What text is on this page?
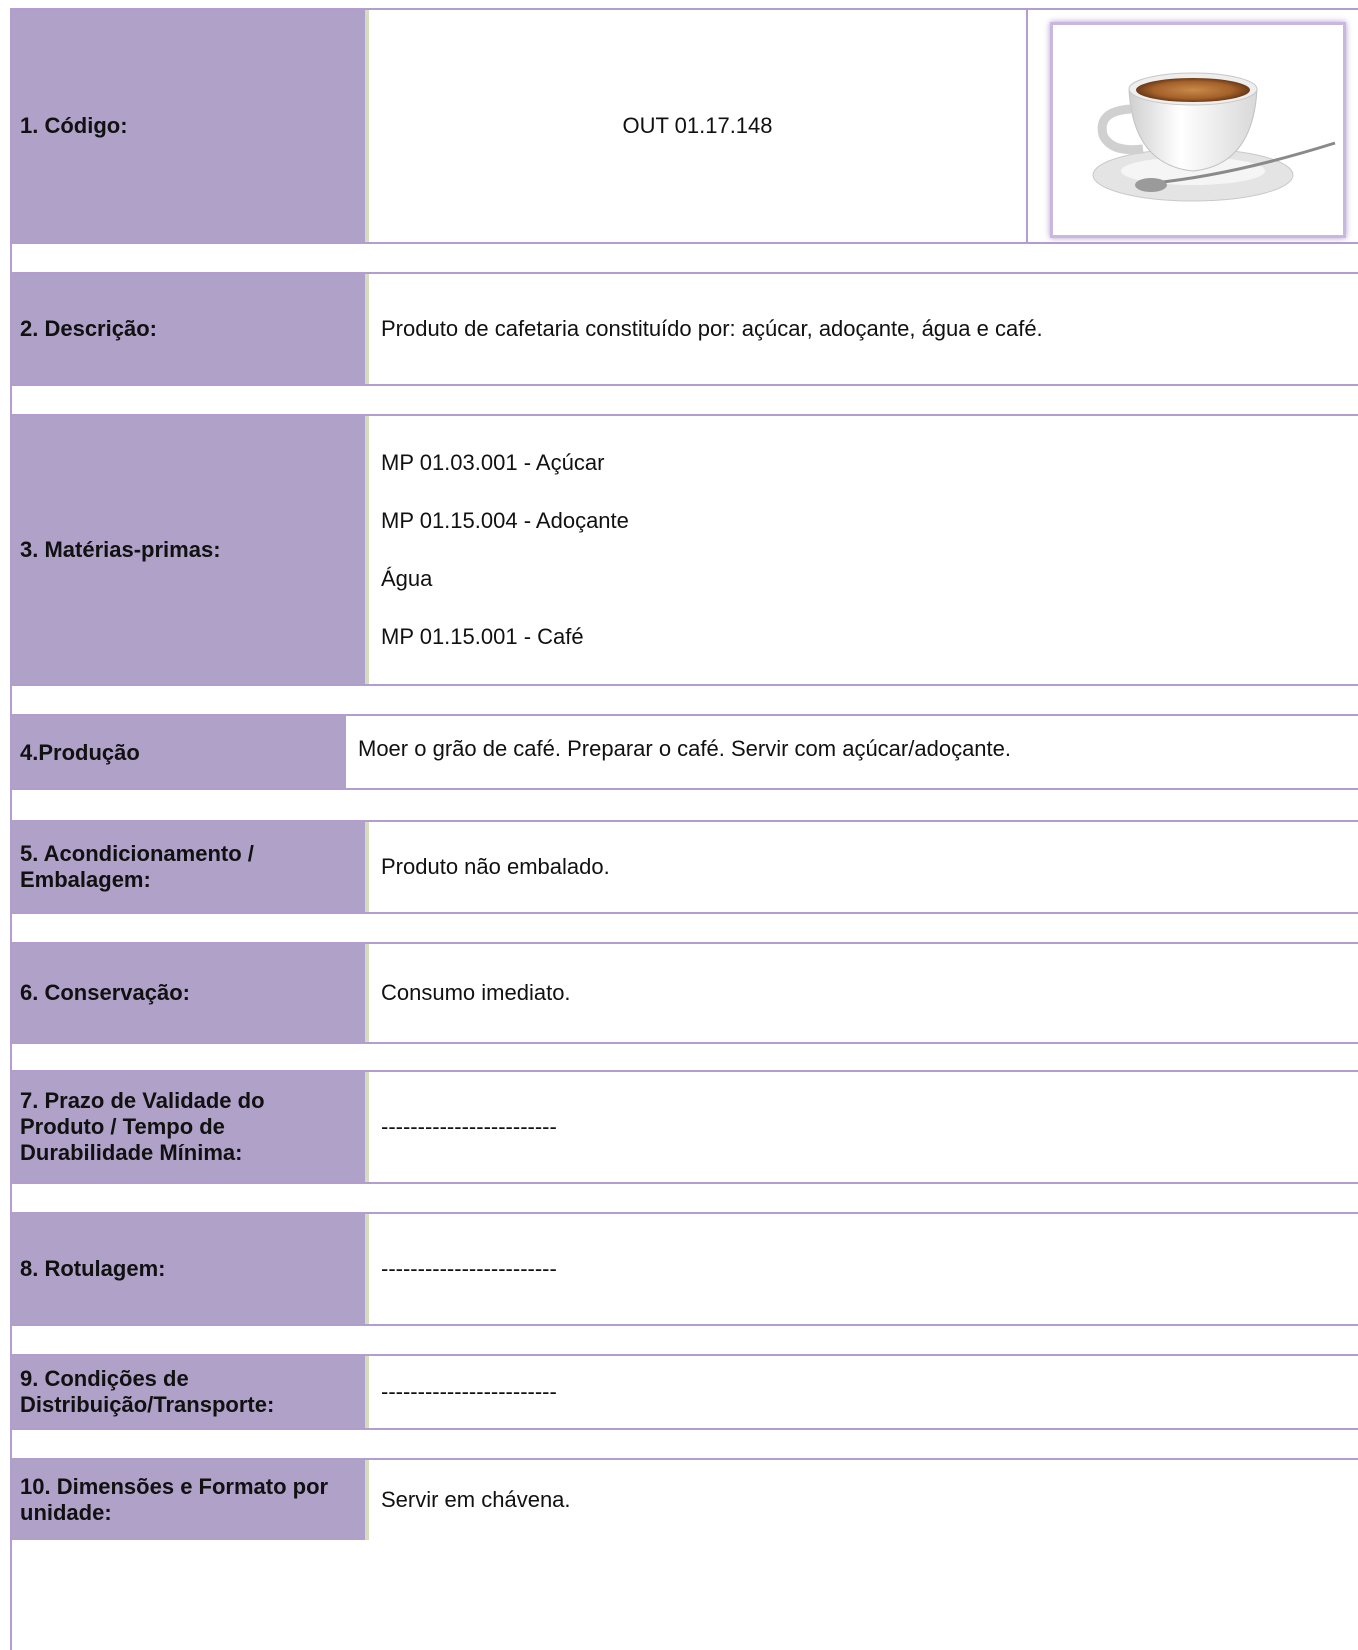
1. Código:	OUT 01.17.148
2. Descrição:	Produto de cafetaria constituído por: açúcar, adoçante, água e café.
3. Matérias-primas:
MP 01.03.001 - Açúcar
MP 01.15.004 - Adoçante
Água
MP 01.15.001 - Café
4.Produção	Moer o grão de café. Preparar o café. Servir com açúcar/adoçante.
5. Acondicionamento / Embalagem:
Produto não embalado.
6. Conservação:	Consumo imediato.
7. Prazo de Validade do Produto / Tempo de Durabilidade Mínima:
------------------------
8. Rotulagem:	------------------------
9. Condições de Distribuição/Transporte:
------------------------
10. Dimensões e Formato por unidade:
Servir em chávena.
